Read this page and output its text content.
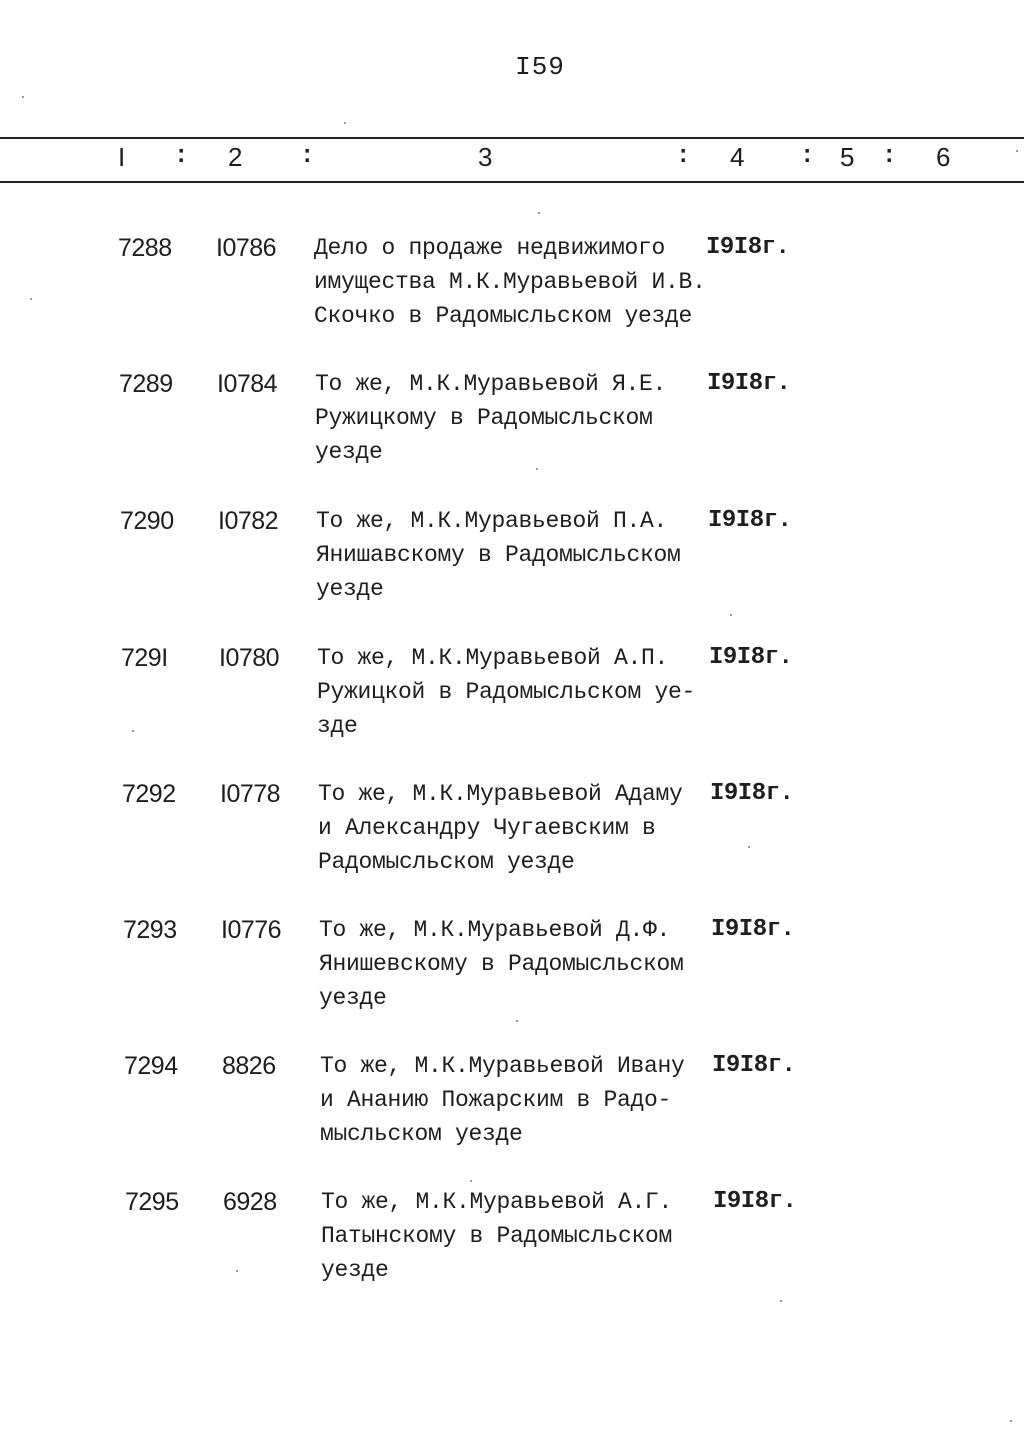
I59
I : 2 :	3	: 4 : 5 : 6
7288 I0786 Дело о продаже недвижимого
имущества М.К.Муравьевой И.В.
Скочко в Радомысльском уезде
I9I8г.
7289 I0784 То же, М.К.Муравьевой Я.Е.
Ружицкому в Радомысльском
уезде
I9I8г.
7290 I0782 То же, М.К.Муравьевой П.А.
Янишавскому в Радомысльском
уезде
I9I8г.
729I I0780 То же, М.К.Муравьевой А.П.
Ружицкой в Радомысльском уе-
зде
I9I8г.
7292 I0778 То же, М.К.Муравьевой Адаму
и Александру Чугаевским в
Радомысльском уезде
I9I8г.
7293 I0776 То же, М.К.Муравьевой Д.Ф.
Янишевскому в Радомысльском
уезде
I9I8г.
7294 8826 То же, М.К.Муравьевой Ивану
и Ананию Пожарским в Радо-
мысльском уезде
I9I8г.
7295 6928 То же, М.К.Муравьевой А.Г.
Патынскому в Радомысльском
уезде
I9I8г.
